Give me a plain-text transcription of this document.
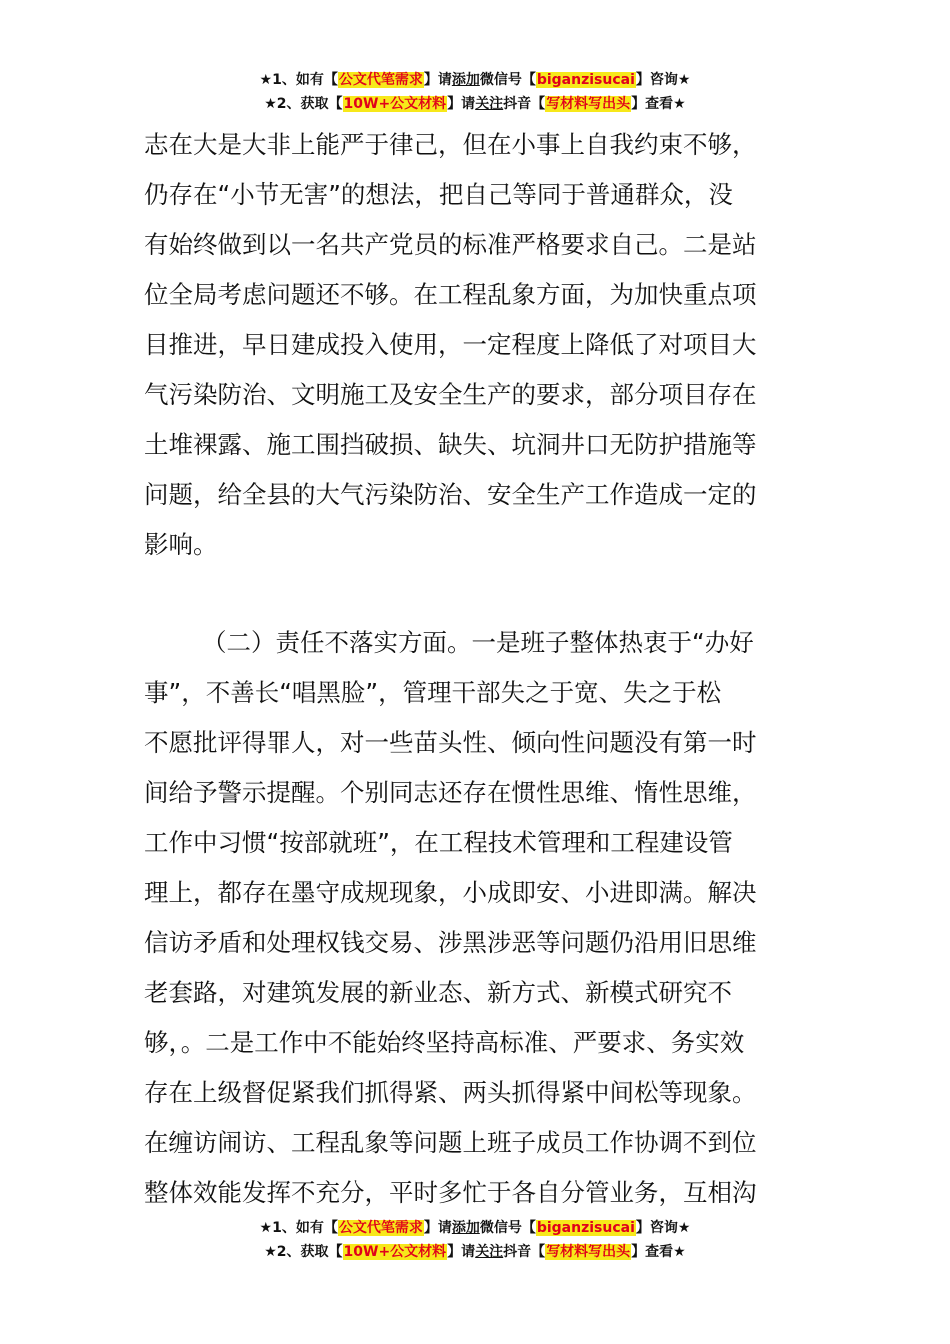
★1、如有【公文代笔需求】请添加微信号【biganzisucai】咨询★
★2、获取【10W+公文材料】请关注抖音【写材料写出头】查看★
志在大是大非上能严于律己，但在小事上自我约束不够，
仍存在“小节无害”的想法，把自己等同于普通群众，没
有始终做到以一名共产党员的标准严格要求自己。二是站
位全局考虑问题还不够。在工程乱象方面，为加快重点项
目推进，早日建成投入使用，一定程度上降低了对项目大
气污染防治、文明施工及安全生产的要求，部分项目存在
土堆裸露、施工围挡破损、缺失、坑洞井口无防护措施等
问题，给全县的大气污染防治、安全生产工作造成一定的
影响。
（二）责任不落实方面。一是班子整体热衷于“办好
事”，不善长“唱黑脸”，管理干部失之于宽、失之于松
不愿批评得罪人，对一些苗头性、倾向性问题没有第一时
间给予警示提醒。个别同志还存在惯性思维、惰性思维，
工作中习惯“按部就班”，在工程技术管理和工程建设管
理上，都存在墨守成规现象，小成即安、小进即满。解决
信访矛盾和处理权钱交易、涉黑涉恶等问题仍沿用旧思维
老套路，对建筑发展的新业态、新方式、新模式研究不
够，。二是工作中不能始终坚持高标准、严要求、务实效
存在上级督促紧我们抓得紧、两头抓得紧中间松等现象。
在缠访闹访、工程乱象等问题上班子成员工作协调不到位
整体效能发挥不充分，平时多忙于各自分管业务，互相沟
★1、如有【公文代笔需求】请添加微信号【biganzisucai】咨询★
★2、获取【10W+公文材料】请关注抖音【写材料写出头】查看★
